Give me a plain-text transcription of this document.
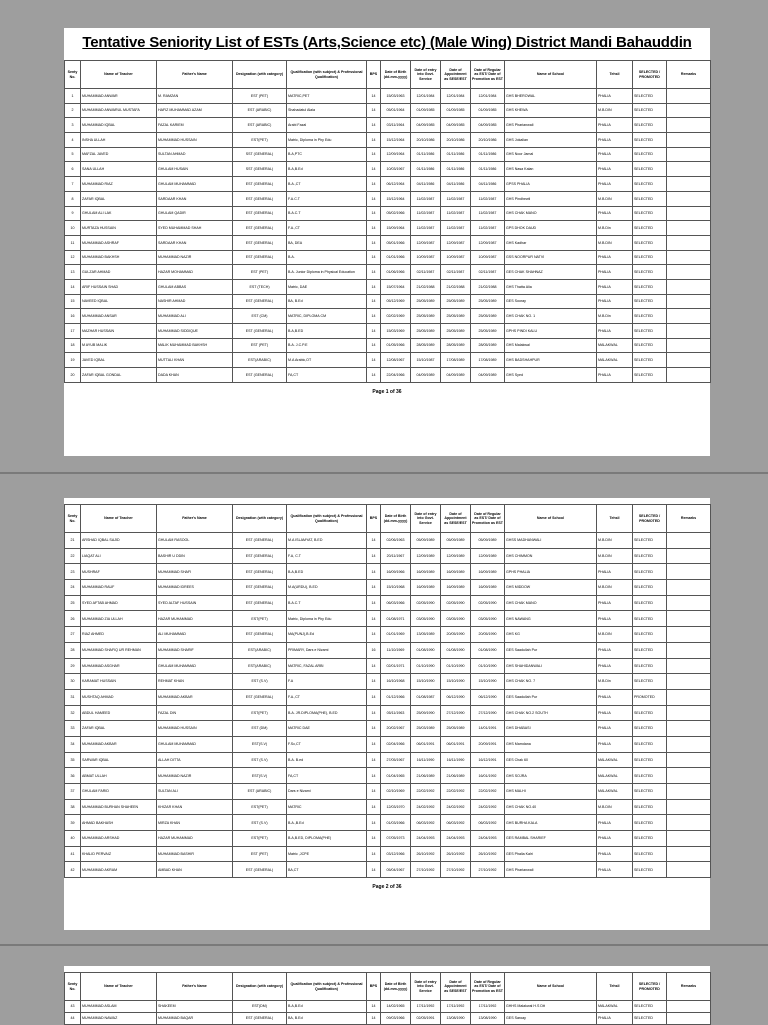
Tentative Seniority List of ESTs (Arts,Science etc) (Male Wing) District Mandi Bahauddin
Senty No.	Name of Teacher	Father's Name	Designation (with category)	Qualification (with subject) & Professional Qualification)	BPS	Date of Birth (dd-mm-yyyy)	Date of entry into Govt. Service	Date of Appointment as SESE/EST	Date of Regular as EST/ Date of Promotion as EST	Name of School	Tehsil	SELECTED / PROMOTED	Remarks
1	MUHAMMAD ANWAR	M. RAMZAN	EST (PET)	MATRIC,PET	14	15/03/1963	12/01/1984	12/01/1984	12/01/1984	GHS BHEROWAL	PHALIA	SELECTED	
2	MUHAMMAD ANWARUL MUSTAFA	HAFIZ MUHAMMAD AZAM	EST (ARABIC)	Shahadatul Alaia	14	05/01/1964	01/09/1985	01/09/1985	01/09/1985	GHS KHEWA	M.B.DIN	SELECTED	
3	MUHAMMAD IQBAL	FAZAL KARIEM	EST (ARABIC)	Arabi Fazal	14	03/11/1964	04/09/1985	04/09/1985	04/09/1985	GHS Pharianwali	PHALIA	SELECTED	
4	INSHA ULLAH	MUHAMMAD HUSSAIN	EST(PET)	Matric, Diploma in Phy Edu	14	15/12/1964	20/10/1986	20/10/1986	20/10/1986	GHS Jokalian	PHALIA	SELECTED	
5	MAFZAL JAVED	SULTAN AHMAD	SST (GENERAL)	B.A,PTC	14	12/09/1964	01/11/1986	01/11/1986	01/11/1986	GHS Noor Jamal	PHALIA	SELECTED	
6	SANA ULLAH	GHULAM HUSAIN	SST (GENERAL)	B.A,B.Ed	14	10/03/1967	01/11/1986	01/11/1986	01/11/1986	GHS Nasa Kalan	PHALIA	SELECTED	
7	MUHAMMAD RIAZ	GHULAM MUHAMMAD	EST (GENERAL)	B.A.,CT	14	06/12/1964	04/11/1986	04/11/1986	04/11/1986	GPSS PHALIA	PHALIA	SELECTED	
8	ZAFAR IQBAL	SARDAAR KHAN	EST (GENERAL)	F.A.C.T	14	15/12/1964	11/02/1987	11/02/1987	11/02/1987	GHS Pindhewli	M.B.DIN	SELECTED	
9	GHULAM ALI LAK	GHULAM QADIR	EST (GENERAL)	B.A.C.T	14	05/02/1966	11/02/1987	11/02/1987	11/02/1987	GHS CHAK MANO	PHALIA	SELECTED	
10	MURTAZA HUSSAIN	SYED MUHAMMAD SHAH	EST (GENERAL)	F.A.,CT	14	15/09/1964	11/02/1987	11/02/1987	11/02/1987	GPS DHOK DAUD	M.B.Din	SELECTED	
11	MUHAMMAD ASHRAF	SARDAAR KHAN	EST (GENERAL)	BA, DEA	14	05/01/1966	12/09/1987	12/09/1987	12/09/1987	GHS Kadhar	M.B.DIN	SELECTED	
12	MUHAMMAD BAKHSH	MUHAMMAD NAZIR	EST (GENERAL)	B.A.	14	01/01/1966	10/09/1987	10/09/1987	10/09/1987	GSS NOORPUR NATVI	PHALIA	SELECTED	
13	GULZAR AHMAD	HAZAR MOHAMMAD	EST (PET)	B.A. Junior Diploma in Physical Education	14	01/06/1966	02/11/1987	02/11/1987	02/11/1987	GES CHAK SHAHNAZ	PHALIA	SELECTED	
14	ARIF HUSSAIN SHAD	GHULAM ABBAS	EST (TECH)	Matric, DAE	14	15/07/1964	21/02/1988	21/02/1988	21/02/1988	GHS Thatta Alia	PHALIA	SELECTED	
15	NAVEED IQBAL	NASHIR AHMAD	EST (GENERAL)	BA, B.Ed	14	05/12/1969	25/05/1989	25/05/1989	25/05/1989	GES Sooray	PHALIA	SELECTED	
16	MUHAMMAD ANSAR	MUHAMMAD ALI	EST (CM)	MATRIC, DIPLOMA CM	14	02/02/1969	25/05/1989	25/05/1989	25/05/1989	GHS CHAK NO. 1	M.B.Din	SELECTED	
17	MAZHAR HUSSAIN	MUHAMMAD SIDDIQUE	EST (GENERAL)	B.A,B.ED	14	15/03/1969	25/05/1989	25/05/1989	25/05/1989	GPHS PINDI KALU	PHALIA	SELECTED	
18	M AYUB MALIK	MALIK MUHAMMAD BAKHSH	EST (PET)	B.A. J.C.P.E	14	01/05/1966	28/05/1989	28/05/1989	28/05/1989	GHS Malakwal	MALAKWAL	SELECTED	
19	JAVED IQBAL	MUTTALI KHAN	EST(ARABIC)	M.A Arabic,OT	14	12/08/1967	15/10/1987	17/08/1989	17/08/1989	GHS BADSHAHPUR	MALAKWAL	SELECTED	
20	ZAFAR IQBAL GONDAL	DADA KHAN	EST (GENERAL)	FA,CT	14	22/04/1966	04/09/1989	04/09/1989	04/09/1989	GHS Syed	PHALIA	SELECTED	
Page 1 of 36
Senty No.	Name of Teacher	Father's Name	Designation (with category)	Qualification (with subject) & Professional Qualification)	BPS	Date of Birth (dd-mm-yyyy)	Date of entry into Govt. Service	Date of Appointment as SESE/EST	Date of Regular as EST/ Date of Promotion as EST	Name of School	Tehsil	SELECTED / PROMOTED	Remarks
21	ARSHAD IQBAL SAJID	GHULAM RASOOL	EST (GENERAL)	M.A ISLAMYAT, B.ED	14	02/06/1963	05/09/1989	05/09/1989	05/09/1989	GHSS MADHANWALI	M.B.DIN	SELECTED	
22	LIAQAT ALI	BASHIR U DDIN	EST (GENERAL)	F.A, C.T	14	20/11/1967	12/09/1989	12/09/1989	12/09/1989	GHS CHIMMON	M.B.DIN	SELECTED	
23	MUSHRAF	MUHAMMAD SHAFI	EST (GENERAL)	B.A,B.ED	14	16/09/1966	16/09/1989	16/09/1989	16/09/1989	GPHS PHALIA	PHALIA	SELECTED	
24	MUHAMMAD RAUF	MUHAMMAD IDREES	EST (GENERAL)	M.A(URDU), B.ED	14	15/10/1968	16/09/1989	16/09/1989	16/09/1989	GHS MIDDOW	M.B.DIN	SELECTED	
25	SYED AFTAB AHMAD	SYED ALTAF HUSSAIN	EST (GENERAL)	B.A.C.T	14	06/03/1966	02/05/1990	02/05/1990	02/05/1990	GHS CHAK MANO	PHALIA	SELECTED	
26	MUHAMMAD ZIA ULLAH	HAZAR MUHAMMAD	EST(PET)	Matric, Diploma in Phy Edu	14	01/08/1971	03/05/1990	03/05/1990	03/05/1990	GHS NAWANG	PHALIA	SELECTED	
27	RIAZ AHMED	ALI MUHAMMAD	EST (GENERAL)	MA(PUNJ),B.Ed	14	01/01/1969	13/05/1989	20/05/1990	20/05/1990	GHS KG	M.B.DIN	SELECTED	
28	MUHAMMAD SHAFIQ UR REHMAN	MUHAMMAD SHARIF	EST(ARABIC)	PRIMARY, Dars e Nizami	16	11/10/1969	01/08/1990	01/08/1990	01/08/1990	GES Saadullah Pur	PHALIA	SELECTED	
29	MUHAMMAD ASGHAR	GHULAM MUHAMMAD	EST(ARABIC)	MATRIC, FAZAL ARBI	14	02/01/1971	01/10/1990	01/10/1990	01/10/1990	GHS SHAHIDANWALI	PHALIA	SELECTED	
30	KARAMAT HUSSAIN	REHMAT KHAN	EST (S.V)	F.A	14	16/10/1968	15/10/1990	15/10/1990	15/10/1990	GHS CHAK NO. 7	M.B.Din	SELECTED	
31	MUSHTAQ AHMAD	MUHAMMAD AKBAR	EST (GENERAL)	F.A.,CT	14	01/12/1966	01/08/1987	06/12/1990	06/12/1990	GES Saadullah Pur	PHALIA	PROMOTED	
32	ABDUL HAMEED	FAZAL DIN	EST(PET)	B.A. JR.DIPLOMA(PHE), B.ED	14	05/11/1963	25/09/1990	27/12/1990	27/12/1990	GHS CHAK NO.2 SOUTH	PHALIA	SELECTED	
33	ZAFAR IQBAL	MUHAMMAD HUSSAIN	EST (DM)	MATRIC DAE	14	20/02/1967	25/03/1989	25/05/1989	14/01/1991	GHS DHABASI	PHALIA	SELECTED	
34	MUHAMMAD AKBAR	GHULAM MUHAMMAD	EST(S.V)	F.Sc,CT	14	02/04/1966	06/01/1991	06/01/1991	20/09/1991	GHS Mamdana	PHALIA	SELECTED	
35	SARWAR IQBAL	ALLAH DITTA	EST (S.V)	B.A. B.ed	14	27/05/1967	16/11/1990	16/11/1990	16/12/1991	GES Chak 60	MALAKWAL	SELECTED	
36	ABMAT ULLAH	MUHAMMAD NAZIR	EST(S.V)	FA,CT	14	01/04/1965	21/06/1989	21/06/1989	16/01/1992	GHS SOJRA	MALAKWAL	SELECTED	
37	GHULAM FARID	SULTAN ALI	EST (ARABIC)	Dars e Nizami	14	02/10/1969	22/02/1992	22/02/1992	22/02/1992	GHS MALHI	MALAKWAL	SELECTED	
38	MUHAMMAD BURHAN SHAHEEN	KHIZAR KHAN	EST(PET)	MATRIC	14	12/03/1970	24/02/1992	24/02/1992	24/02/1992	GHS CHAK NO.40	M.B.DIN	SELECTED	
39	AHMAD BAKHASH	MIRZA KHAN	EST (S.V)	B.A.,B.Ed	14	01/03/1966	06/03/1992	06/03/1992	06/03/1992	GHS BURHA KALA	PHALIA	SELECTED	
40	MUHAMMAD ARSHAD	HAZAR MUHAMMAD	EST(PET)	B.A,B.ED, DIPLOMA(PHE)	14	07/05/1973	24/04/1993	24/04/1993	24/04/1993	GES RAMBAL SHARIEF	PHALIA	SELECTED	
41	KHALID PERVAIZ	MUHAMMAD BASHIR	EST (PET)	Matric ,JCPE	14	03/12/1966	26/10/1992	26/10/1992	26/10/1992	GES Phalia Kalri	PHALIA	SELECTED	
42	MUHAMMAD AKRAM	AMBAD KHAN	EST (GENERAL)	BA,CT	14	05/04/1967	27/10/1992	27/10/1992	27/10/1992	GHS Pharianwali	PHALIA	SELECTED	
Page 2 of 36
Senty No.	Name of Teacher	Father's Name	Designation (with category)	Qualification (with subject) & Professional Qualification)	BPS	Date of Birth (dd-mm-yyyy)	Date of entry into Govt. Service	Date of Appointment as SESE/EST	Date of Regular as EST/ Date of Promotion as EST	Name of School	Tehsil	SELECTED / PROMOTED	Remarks
43	MUHAMMAD ASLAM	SHAKEEM	EST(DM)	B.A,B.Ed	14	14/02/1965	17/11/1992	17/11/1992	17/11/1992	GHHS Malakwal H.S Dtt	MALAKWAL	SELECTED	
44	MUHAMMAD NAWAZ	MUHAMMAD BAQAR	EST (GENERAL)	BA, B.Ed	14	09/03/1966	02/05/1991	13/08/1990	13/08/1990	GES Saroay	PHALIA	SELECTED	
